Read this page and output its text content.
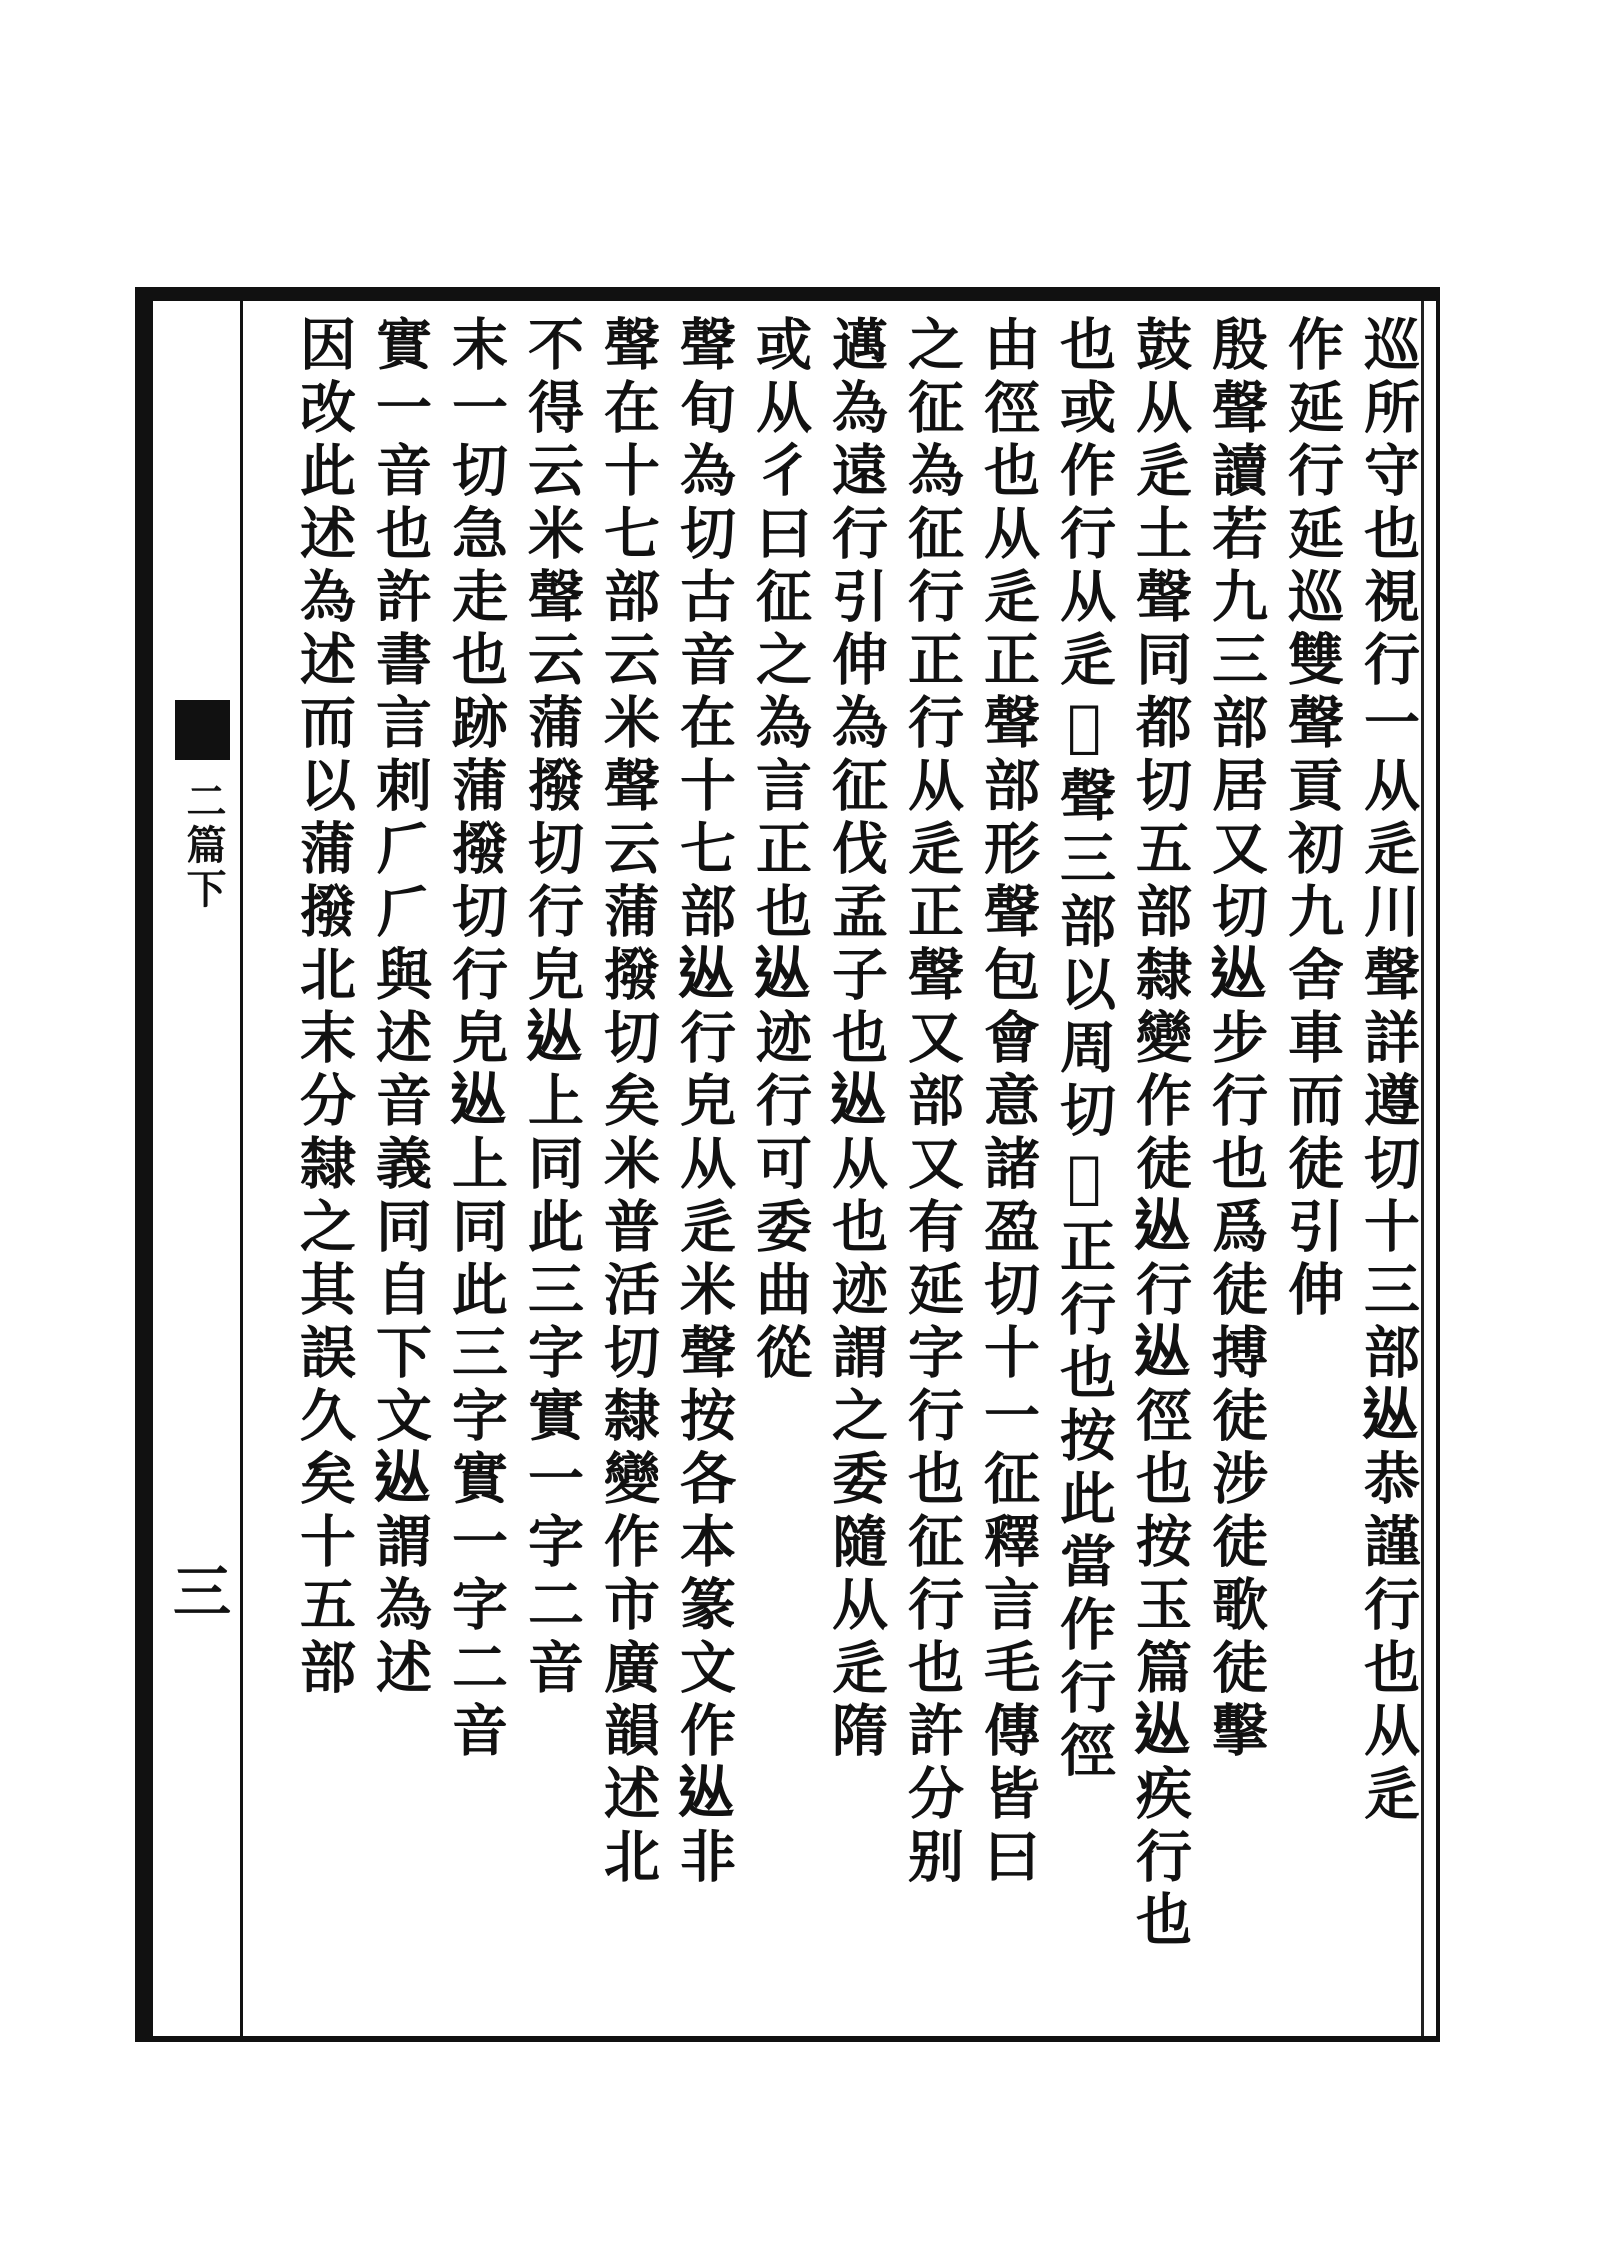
二篇下
三	巡所守也視行一从辵川聲詳遵切十三部𨑹恭謹行也从辵
作延行延巡雙聲貢初九舍車而徒引伸
殷聲讀若九三部居又切𨑹步行也爲徒搏徒涉徒歌徒擊
鼓从辵土聲同都切五部隸變作徒𨑹行𨑹徑也按玉篇𨑹疾行也
也或作行从辵𣞣聲三部以周切𨑹正行也按此當作行徑
由徑也从辵正聲部形聲包會意諸盈切十一征釋言毛傳皆曰
之征為征行正行从辵正聲又部又有延字行也征行也許分别
邁為遠行引伸為征伐孟子也𨑹从也迹謂之委隨从辵隋
或从彳曰征之為言正也𨑹迹行可委曲從
聲旬為切古音在十七部𨑹行皃从辵米聲按各本篆文作𨑹非
聲在十七部云米聲云蒲撥切矣米普活切隸變作市廣韻述北
不得云米聲云蒲撥切行皃𨑹上同此三字實一字二音
末一切急走也跡蒲撥切行皃𨑹上同此三字實一字二音
實一音也許書言刺𠂆𠂆與述音義同自下文𨑹謂為述
因改此述為述而以蒲撥北末分隸之其誤久矣十五部
